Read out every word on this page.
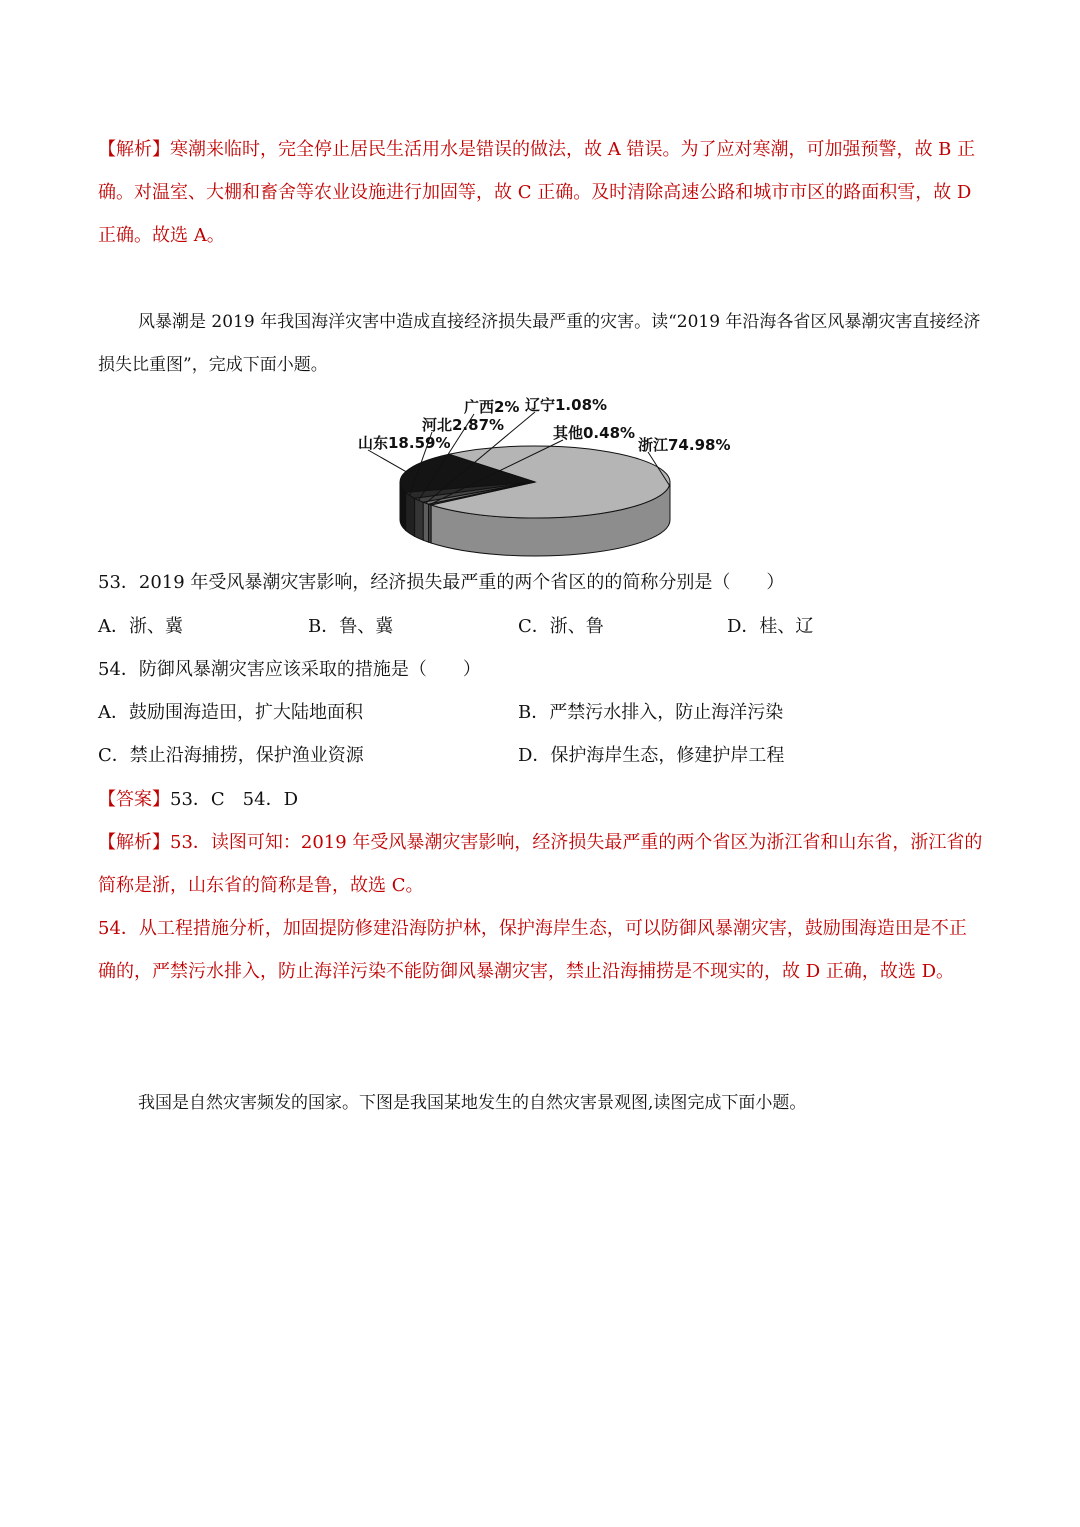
【解析】寒潮来临时，完全停止居民生活用水是错误的做法，故 A 错误。为了应对寒潮，可加强预警，故 B 正确。对温室、大棚和畜舍等农业设施进行加固等，故 C 正确。及时清除高速公路和城市市区的路面积雪，故 D 正确。故选 A。

风暴潮是 2019 年我国海洋灾害中造成直接经济损失最严重的灾害。读“2019 年沿海各省区风暴潮灾害直接经济损失比重图”，完成下面小题。

浙江74.98%
其他0.48%
辽宁1.08%
广西2%
河北2.87%
山东18.59%
53．2019 年受风暴潮灾害影响，经济损失最严重的两个省区的的简称分别是（　　）
A．浙、冀	B．鲁、冀	C．浙、鲁	D．桂、辽
54．防御风暴潮灾害应该采取的措施是（　　）
A．鼓励围海造田，扩大陆地面积	B．严禁污水排入，防止海洋污染
C．禁止沿海捕捞，保护渔业资源	D．保护海岸生态，修建护岸工程
【答案】53．C　54．D

【解析】53．读图可知：2019 年受风暴潮灾害影响，经济损失最严重的两个省区为浙江省和山东省，浙江省的简称是浙，山东省的简称是鲁，故选 C。

54．从工程措施分析，加固提防修建沿海防护林，保护海岸生态，可以防御风暴潮灾害，鼓励围海造田是不正确的，严禁污水排入，防止海洋污染不能防御风暴潮灾害，禁止沿海捕捞是不现实的，故 D 正确，故选 D。

我国是自然灾害频发的国家。下图是我国某地发生的自然灾害景观图,读图完成下面小题。
